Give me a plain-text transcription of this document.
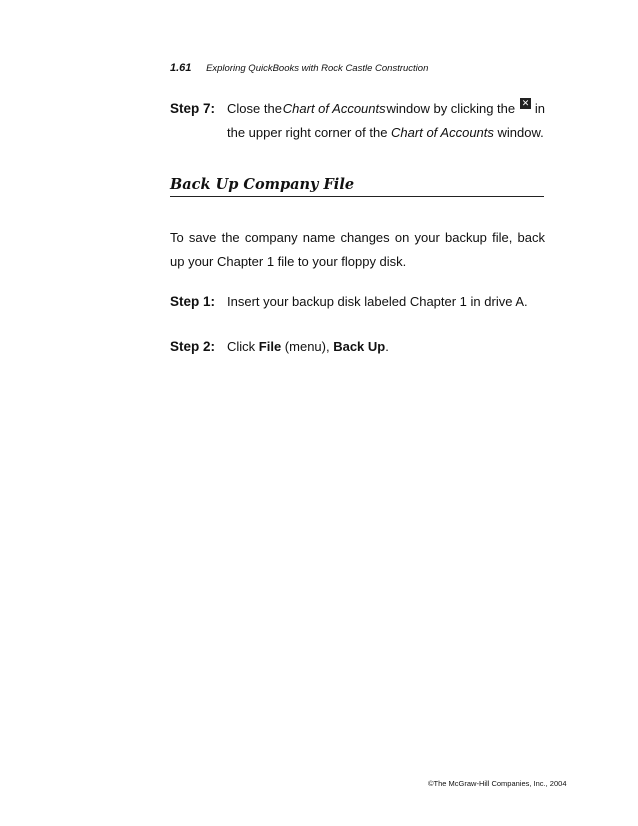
1.61 Exploring QuickBooks with Rock Castle Construction
Step 7: Close the Chart of Accounts window by clicking the ✕ in
the upper right corner of the Chart of Accounts window.
Back Up Company File
To save the company name changes on your backup file, back up your Chapter 1 file to your floppy disk.
Step 1: Insert your backup disk labeled Chapter 1 in drive A.
Step 2: Click File (menu), Back Up.
©The McGraw-Hill Companies, Inc., 2004
